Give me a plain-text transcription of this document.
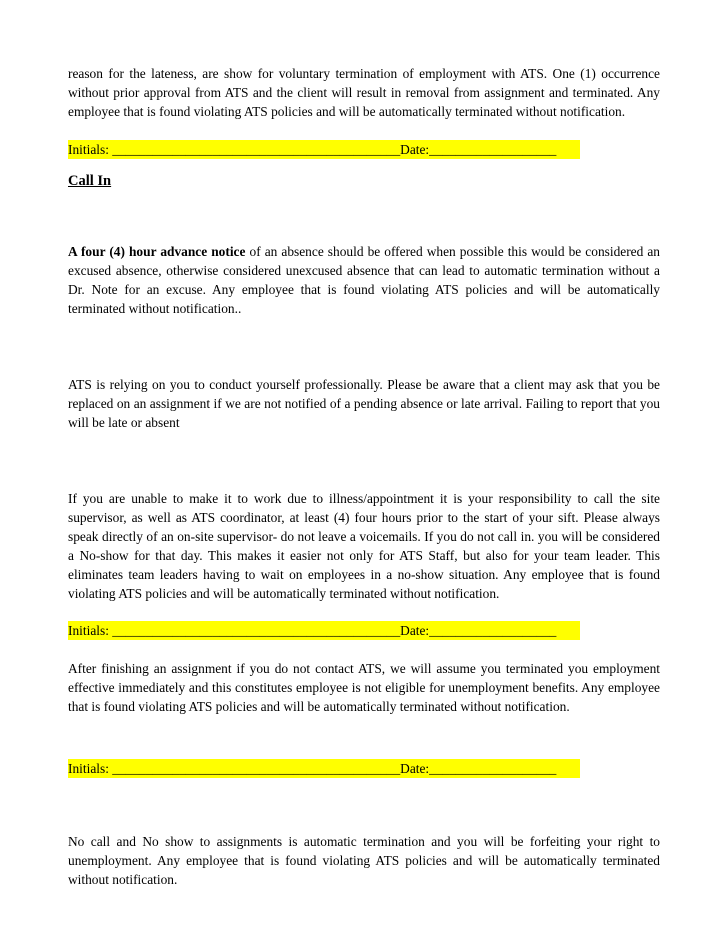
reason for the lateness, are show for voluntary termination of employment with ATS. One (1) occurrence without prior approval from ATS and the client will result in removal from assignment and terminated. Any employee that is found violating ATS policies and will be automatically terminated without notification.

Initials: ___________________________________________Date:___________________

Call In

A four (4) hour advance notice of an absence should be offered when possible this would be considered an excused absence, otherwise considered unexcused absence that can lead to automatic termination without a Dr. Note for an excuse. Any employee that is found violating ATS policies and will be automatically terminated without notification..

ATS is relying on you to conduct yourself professionally. Please be aware that a client may ask that you be replaced on an assignment if we are not notified of a pending absence or late arrival. Failing to report that you will be late or absent

If you are unable to make it to work due to illness/appointment it is your responsibility to call the site supervisor, as well as ATS coordinator, at least (4) four hours prior to the start of your sift. Please always speak directly of an on-site supervisor- do not leave a voicemails. If you do not call in. you will be considered a No-show for that day. This makes it easier not only for ATS Staff, but also for your team leader. This eliminates team leaders having to wait on employees in a no-show situation. Any employee that is found violating ATS policies and will be automatically terminated without notification.

Initials: ___________________________________________Date:___________________

After finishing an assignment if you do not contact ATS, we will assume you terminated you employment effective immediately and this constitutes employee is not eligible for unemployment benefits. Any employee that is found violating ATS policies and will be automatically terminated without notification.

Initials: ___________________________________________Date:___________________

No call and No show to assignments is automatic termination and you will be forfeiting your right to unemployment. Any employee that is found violating ATS policies and will be automatically terminated without notification.
